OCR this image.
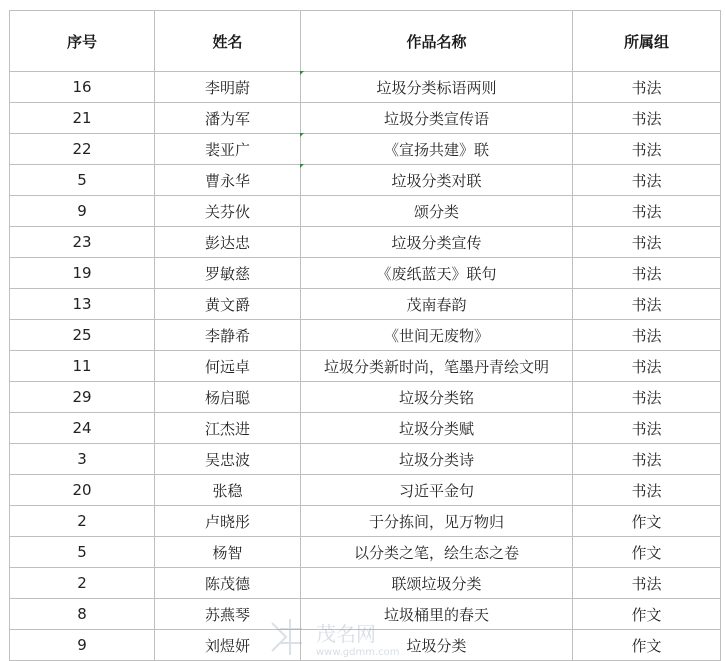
序号	姓名	作品名称	所属组
16	李明蔚	垃圾分类标语两则	书法
21	潘为军	垃圾分类宣传语	书法
22	裴亚广	《宣扬共建》联	书法
5	曹永华	垃圾分类对联	书法
9	关芬伙	颂分类	书法
23	彭达忠	垃圾分类宣传	书法
19	罗敏慈	《废纸蓝天》联句	书法
13	黄文爵	茂南春韵	书法
25	李静希	《世间无废物》	书法
11	何远卓	垃圾分类新时尚，笔墨丹青绘文明	书法
29	杨启聪	垃圾分类铭	书法
24	江杰进	垃圾分类赋	书法
3	吴忠波	垃圾分类诗	书法
20	张稳	习近平金句	书法
2	卢晓彤	于分拣间，见万物归	作文
5	杨智	以分类之笔，绘生态之卷	作文
2	陈茂德	联颂垃圾分类	书法
8	苏燕琴	垃圾桶里的春天	作文
9	刘煜妍	垃圾分类	作文
茂名网
www.gdmm.com
